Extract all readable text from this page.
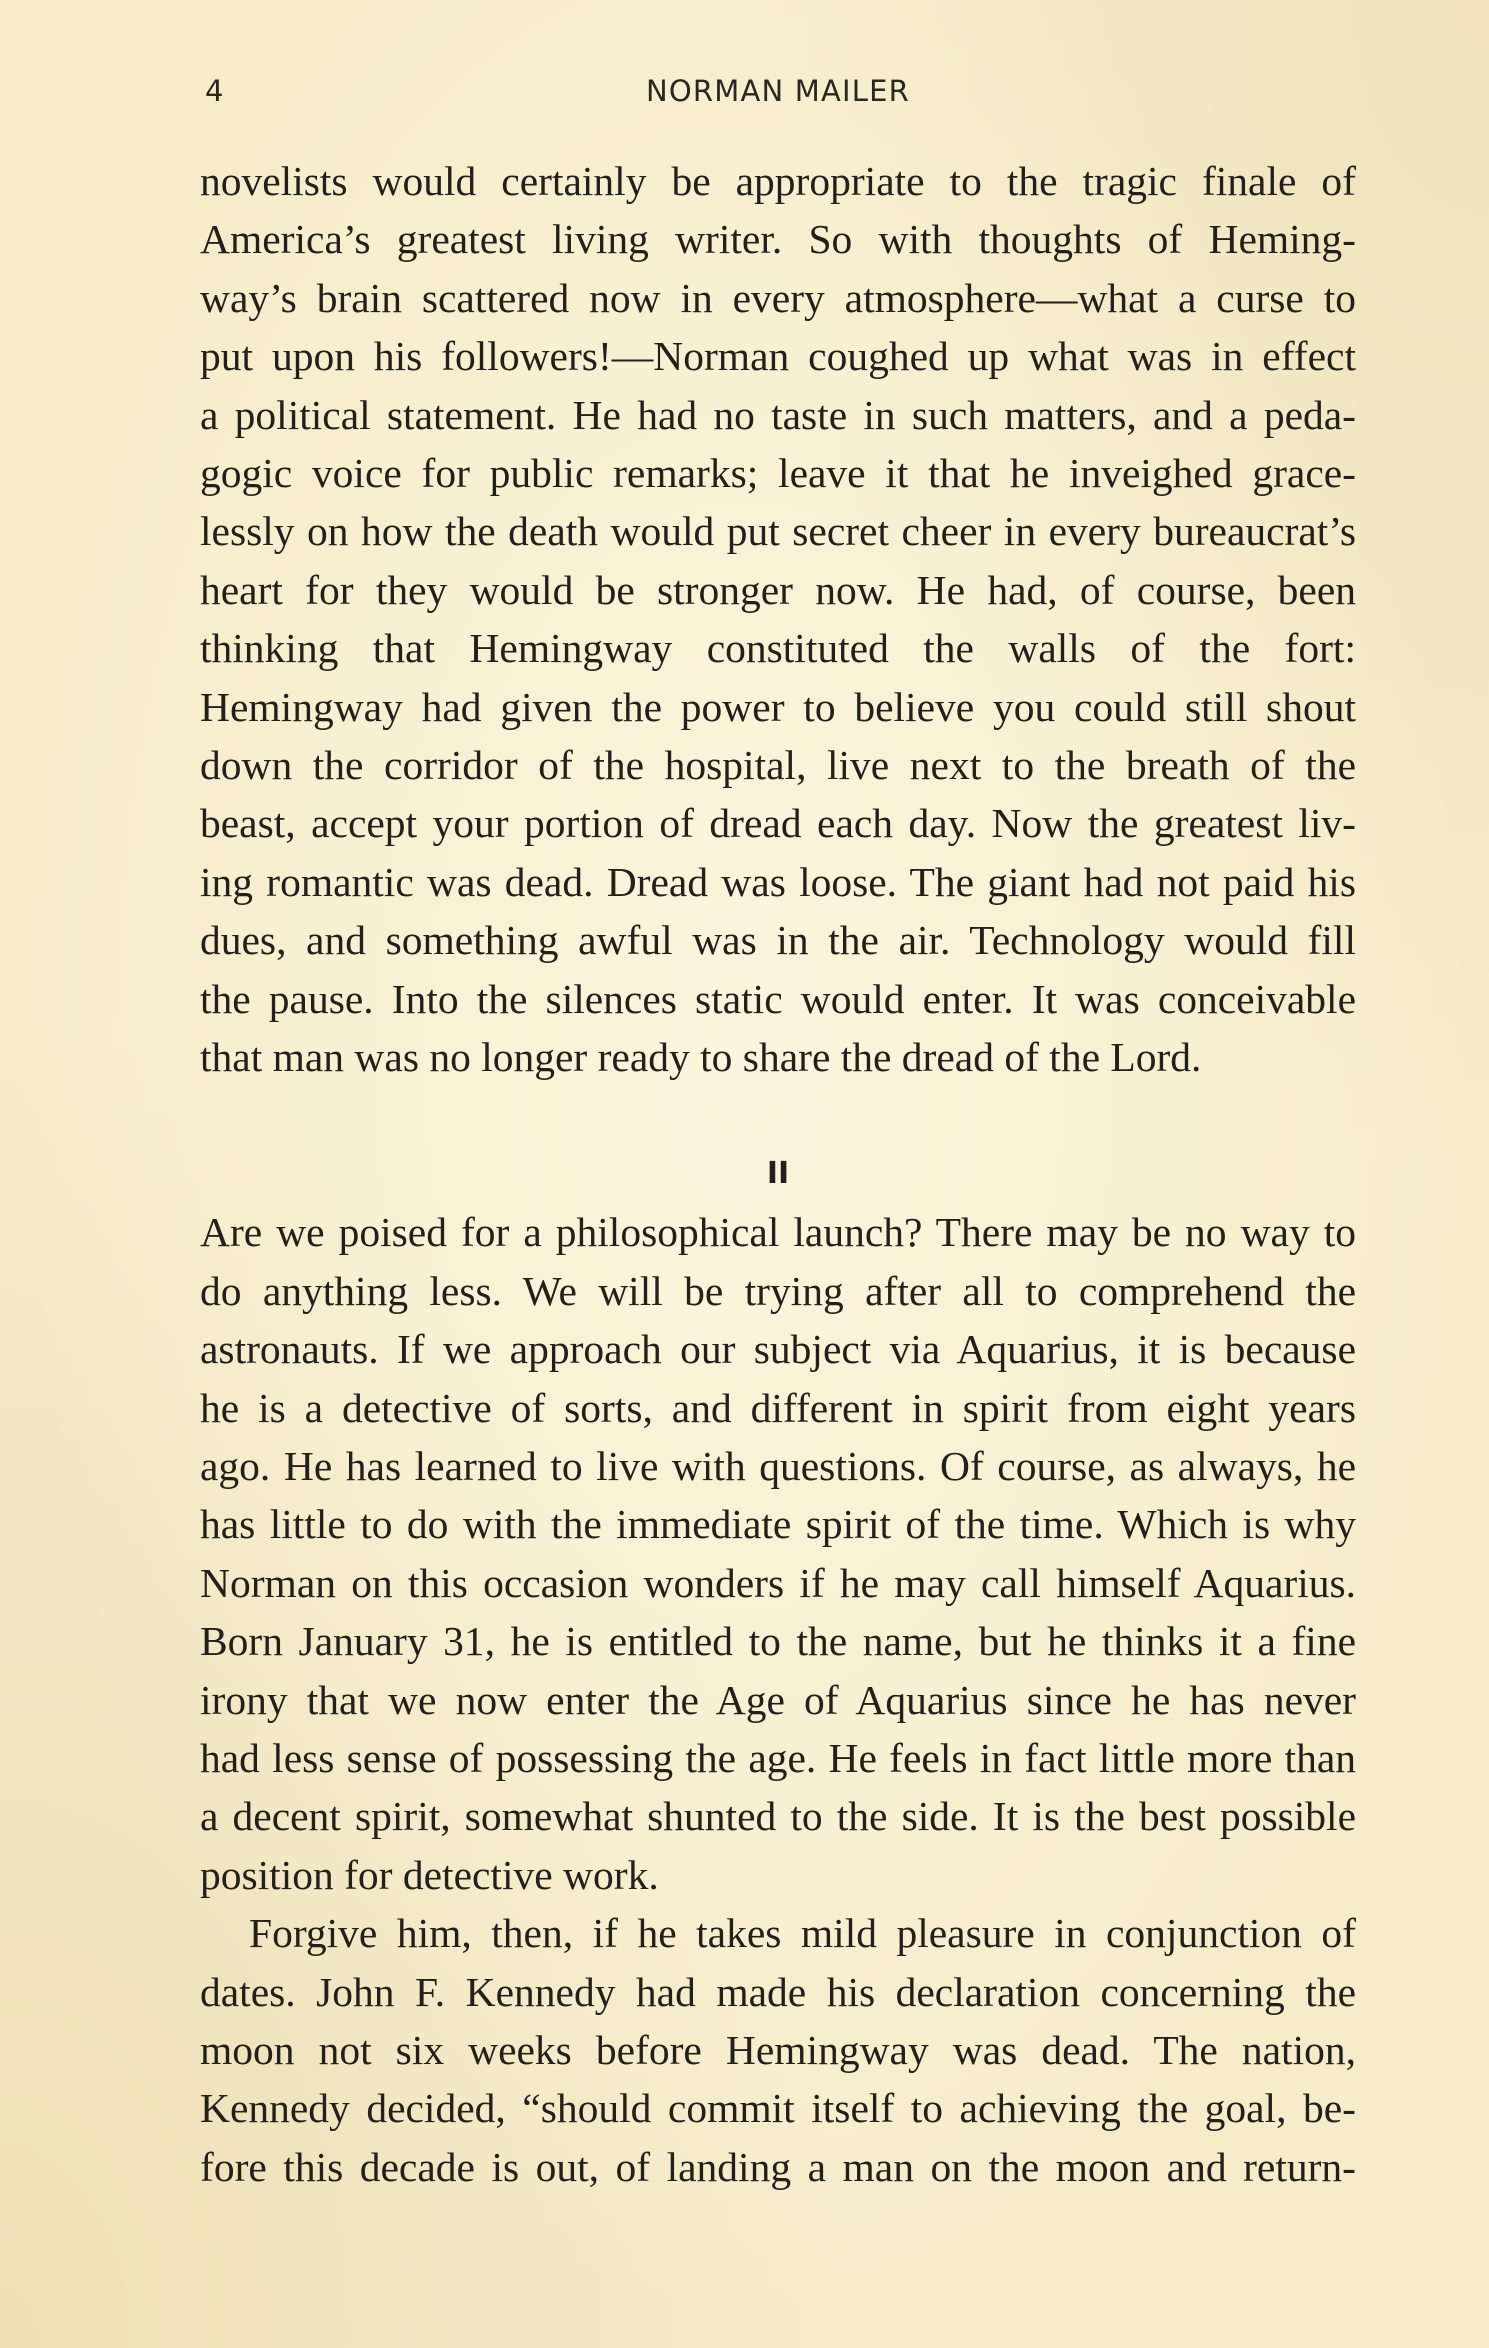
4	NORMAN MAILER
novelists would certainly be appropriate to the tragic finale of
America’s greatest living writer. So with thoughts of Heming-
way’s brain scattered now in every atmosphere—what a curse to
put upon his followers!—Norman coughed up what was in effect
a political statement. He had no taste in such matters, and a peda-
gogic voice for public remarks; leave it that he inveighed grace-
lessly on how the death would put secret cheer in every bureaucrat’s
heart for they would be stronger now. He had, of course, been
thinking that Hemingway constituted the walls of the fort:
Hemingway had given the power to believe you could still shout
down the corridor of the hospital, live next to the breath of the
beast, accept your portion of dread each day. Now the greatest liv-
ing romantic was dead. Dread was loose. The giant had not paid his
dues, and something awful was in the air. Technology would fill
the pause. Into the silences static would enter. It was conceivable
that man was no longer ready to share the dread of the Lord.
II
Are we poised for a philosophical launch? There may be no way to
do anything less. We will be trying after all to comprehend the
astronauts. If we approach our subject via Aquarius, it is because
he is a detective of sorts, and different in spirit from eight years
ago. He has learned to live with questions. Of course, as always, he
has little to do with the immediate spirit of the time. Which is why
Norman on this occasion wonders if he may call himself Aquarius.
Born January 31, he is entitled to the name, but he thinks it a fine
irony that we now enter the Age of Aquarius since he has never
had less sense of possessing the age. He feels in fact little more than
a decent spirit, somewhat shunted to the side. It is the best possible
position for detective work.
Forgive him, then, if he takes mild pleasure in conjunction of
dates. John F. Kennedy had made his declaration concerning the
moon not six weeks before Hemingway was dead. The nation,
Kennedy decided, “should commit itself to achieving the goal, be-
fore this decade is out, of landing a man on the moon and return-
